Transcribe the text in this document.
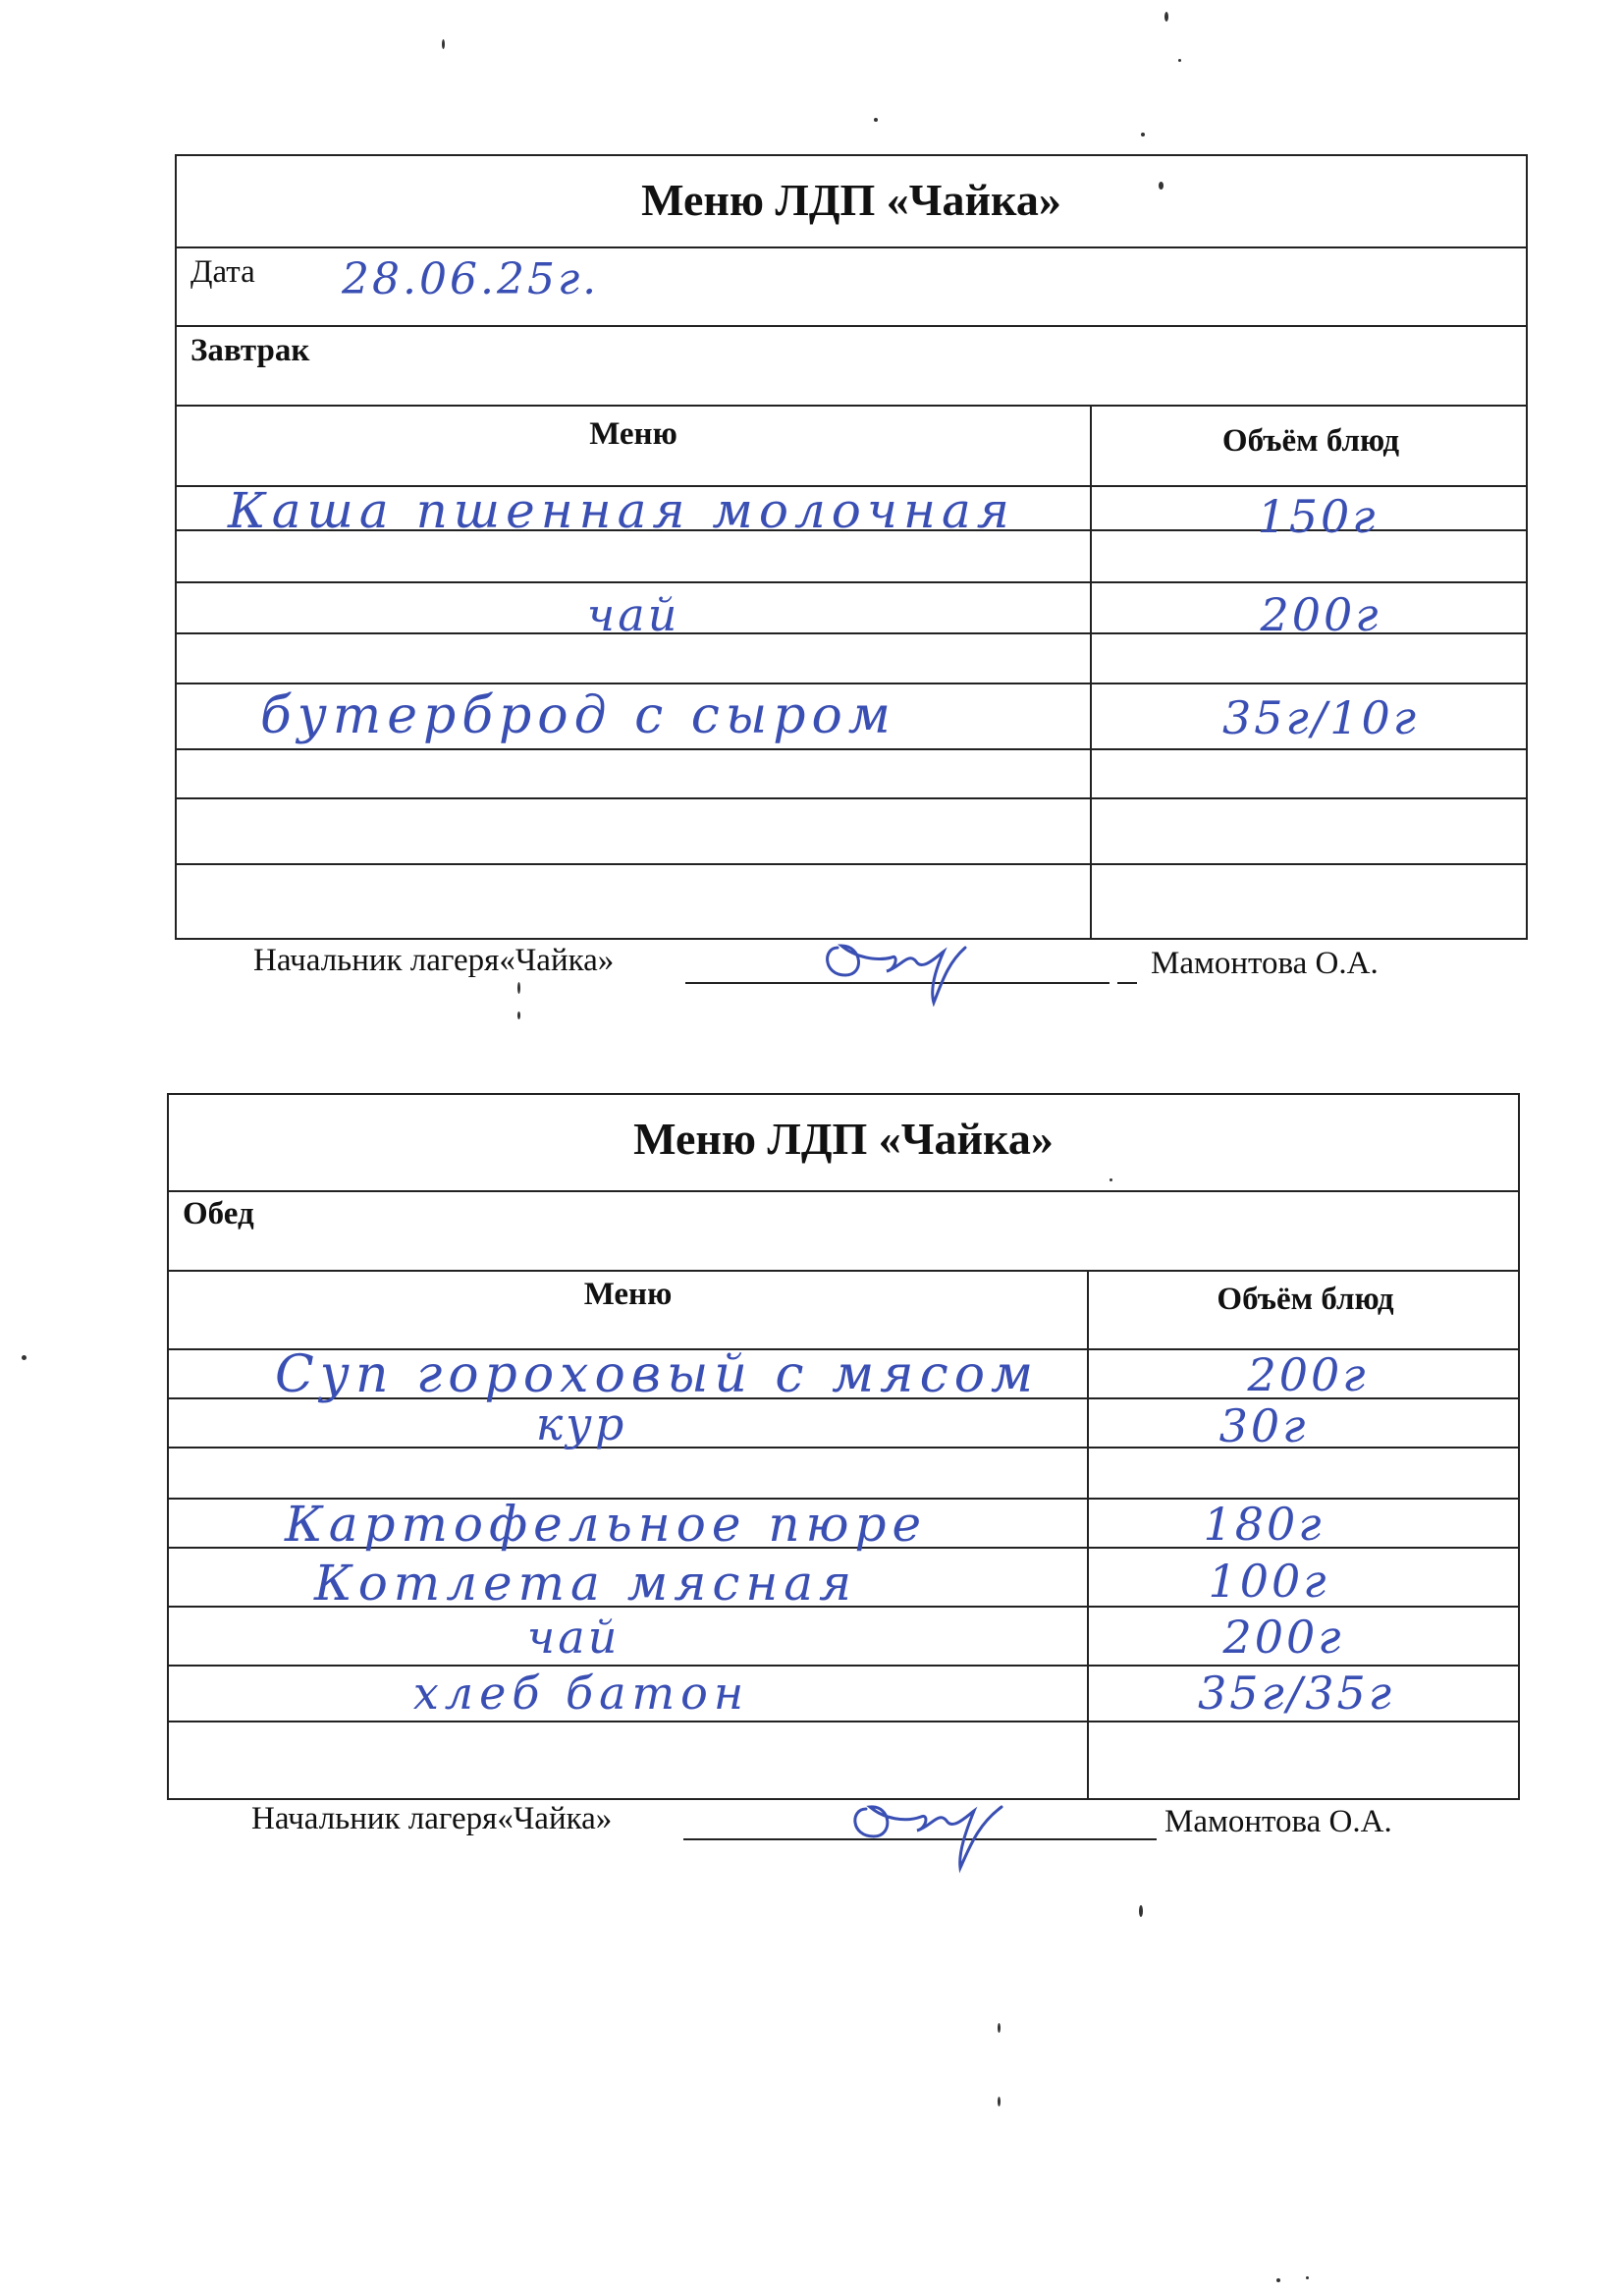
Меню ЛДП «Чайка»
Дата 28.06.25г.
Завтрак
Меню	Объём блюд
Каша пшенная молочная	150г
чай	200г
бутерброд с сыром	35г/10г
Начальник лагеря«Чайка»	Мамонтова О.А.
Меню ЛДП «Чайка»
Обед
Меню	Объём блюд
Суп гороховый с мясом	200г
кур	30г
Картофельное пюре	180г
Котлета мясная	100г
чай	200г
хлеб батон	35г/35г
Начальник лагеря«Чайка»	Мамонтова О.А.
